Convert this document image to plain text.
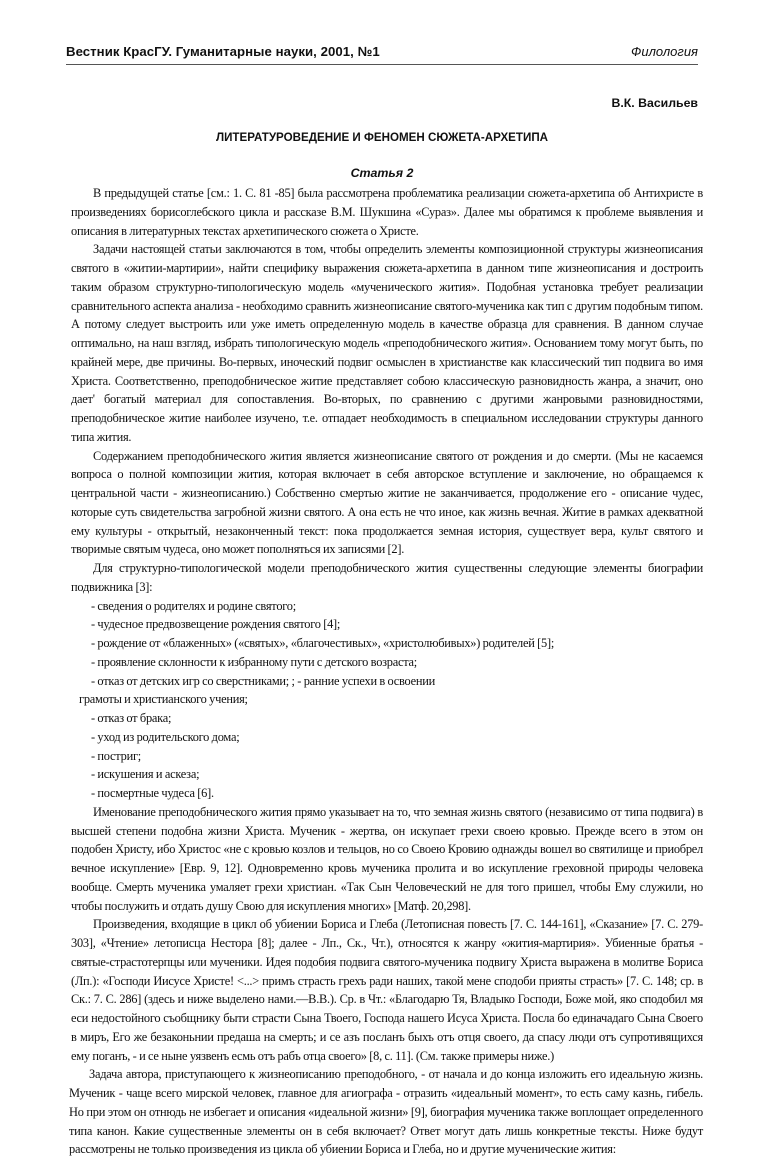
Вестник КрасГУ. Гуманитарные науки, 2001, №1	Филология
В.К. Васильев
ЛИТЕРАТУРОВЕДЕНИЕ И ФЕНОМЕН СЮЖЕТА-АРХЕТИПА
Статья 2

В предыдущей статье [см.: 1. С. 81 -85] была рассмотрена проблематика реализации сюжета-архетипа об Антихристе в произведениях борисоглебского цикла и рассказе В.М. Шукшина «Сураз». Далее мы обратимся к проблеме выявления и описания в литературных текстах архетипического сюжета о Христе.

Задачи настоящей статьи заключаются в том, чтобы определить элементы композиционной структуры жизнеописания святого в «житии-мартирии», найти специфику выражения сюжета-архетипа в данном типе жизнеописания и достроить таким образом структурно-типологическую модель «мученического жития». Подобная установка требует реализации сравнительного аспекта анализа - необходимо сравнить жизнеописание святого-мученика как тип с другим подобным типом. А потому следует выстроить или уже иметь определенную модель в качестве образца для сравнения. В данном случае оптимально, на наш взгляд, избрать типологическую модель «преподобнического жития». Основанием тому могут быть, по крайней мере, две причины. Во-первых, иноческий подвиг осмыслен в христианстве как классический тип подвига во имя Христа. Соответственно, преподобническое житие представляет собою классическую разновидность жанра, а значит, оно дает' богатый материал для сопоставления. Во-вторых, по сравнению с другими жанровыми разновидностями, преподобническое житие наиболее изучено, т.е. отпадает необходимость в специальном исследовании структуры данного типа жития.

Содержанием преподобнического жития является жизнеописание святого от рождения и до смерти. (Мы не касаемся вопроса о полной композиции жития, которая включает в себя авторское вступление и заключение, но обращаемся к центральной части - жизнеописанию.) Собственно смертью житие не заканчивается, продолжение его - описание чудес, которые суть свидетельства загробной жизни святого. А она есть не что иное, как жизнь вечная. Житие в рамках адекватной ему культуры - открытый, незаконченный текст: пока продолжается земная история, существует вера, культ святого и творимые святым чудеса, оно может пополняться их записями [2].

Для структурно-типологической модели преподобнического жития существенны следующие элементы биографии подвижника [3]:

- сведения о родителях и родине святого;
- чудесное предвозвещение рождения святого [4];
- рождение от «блаженных» («святых», «благочестивых», «христолюбивых») родителей [5];
- проявление склонности к избранному пути с детского возраста;
- отказ от детских игр со сверстниками; ; - ранние успехи в освоении
грамоты и христианского учения;
- отказ от брака;
- уход из родительского дома;
- постриг;
- искушения и аскеза;
- посмертные чудеса [6].

Именование преподобнического жития прямо указывает на то, что земная жизнь святого (независимо от типа подвига) в высшей степени подобна жизни Христа. Мученик - жертва, он искупает грехи своею кровью. Прежде всего в этом он подобен Христу, ибо Христос «не с кровью козлов и тельцов, но со Своею Кровию однажды вошел во святилище и приобрел вечное искупление» [Евр. 9, 12]. Одновременно кровь мученика пролита и во искупление греховной природы человека вообще. Смерть мученика умаляет грехи христиан. «Так Сын Человеческий не для того пришел, чтобы Ему служили, но чтобы послужить и отдать душу Свою для искупления многих» [Матф. 20,298].

Произведения, входящие в цикл об убиении Бориса и Глеба (Летописная повесть [7. С. 144-161], «Сказание» [7. С. 279-303], «Чтение» летописца Нестора [8]; далее - Лп., Ск., Чт.), относятся к жанру «жития-мартирия». Убиенные братья - святые-страстотерпцы или мученики. Идея подобия подвига святого-мученика подвигу Христа выражена в молитве Бориса (Лп.): «Господи Иисусе Христе! <...> примъ страсть грехъ ради наших, такой мене сподоби прияты страсть» [7. С. 148; ср. в Ск.: 7. С. 286] (здесь и ниже выделено нами.—В.В.). Ср. в Чт.: «Благодарю Тя, Владыко Господи, Боже мой, яко сподобил мя еси недостойного съобщнику быти страсти Сына Твоего, Господа нашего Исуса Христа. Посла бо единачадаго Сына Своего в миръ, Его же безаконьнии предаша на смерть; и се азъ посланъ быхъ отъ отця своего, да спасу люди отъ супротивящихся ему поганъ, - и се ныне уязвенъ есмь отъ рабъ отца своего» [8, с. 11]. (См. также примеры ниже.)

Задача автора, приступающего к жизнеописанию преподобного, - от начала и до конца изложить его идеальную жизнь. Мученик - чаще всего мирской человек, главное для агиографа - отразить «идеальный момент», то есть саму казнь, гибель. Но при этом он отнюдь не избегает и описания «идеальной жизни» [9], биография мученика также воплощает определенного типа канон. Какие существенные элементы он в себя включает? Ответ могут дать лишь конкретные тексты. Ниже будут рассмотрены не только произведения из цикла об убиении Бориса и Глеба, но и другие мученические жития:
